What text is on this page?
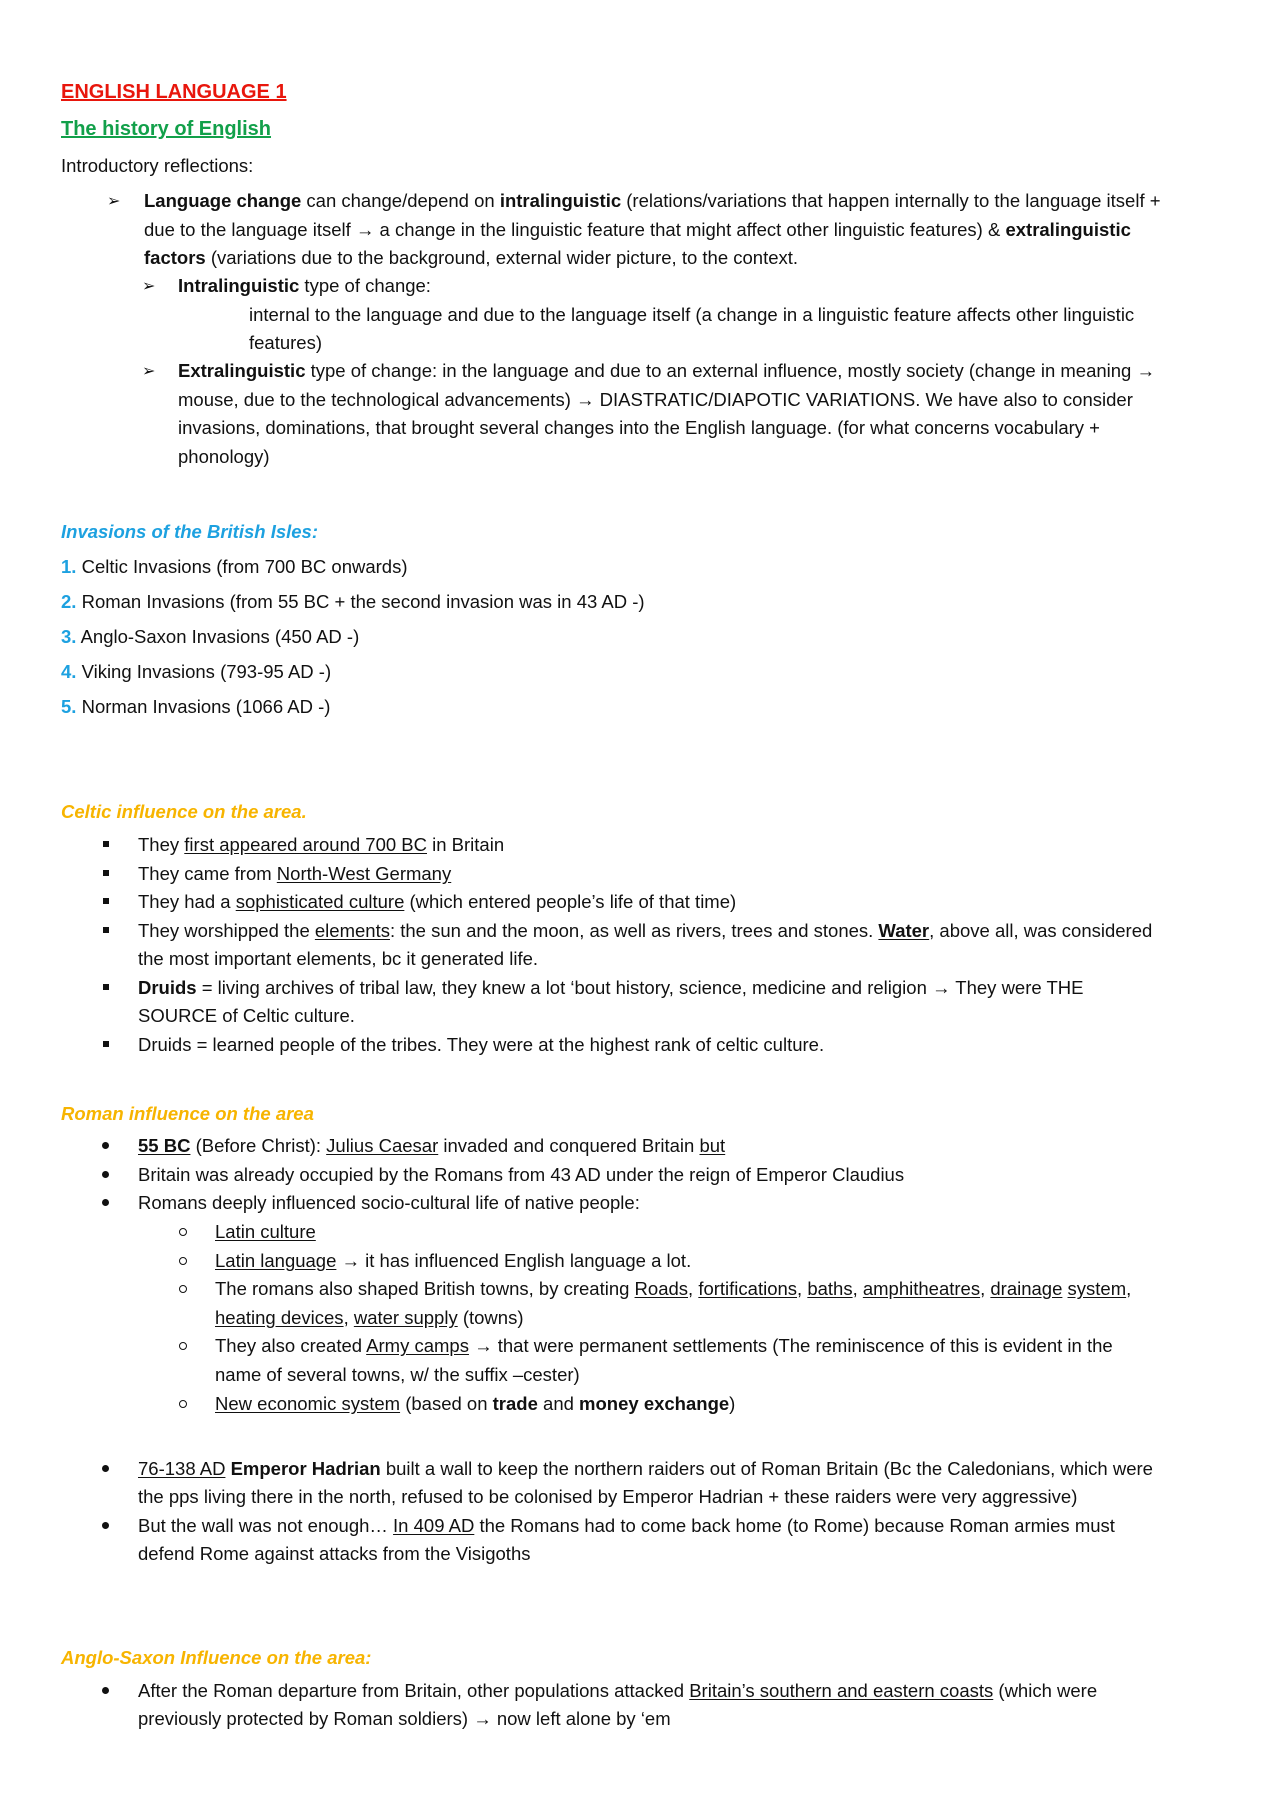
ENGLISH LANGUAGE 1
The history of English
Introductory reflections:
➢ Language change can change/depend on intralinguistic (relations/variations that happen internally to the language itself +
due to the language itself → a change in the linguistic feature that might affect other linguistic features) & extralinguistic
factors (variations due to the background, external wider picture, to the context.
➢ Intralinguistic type of change:
internal to the language and due to the language itself (a change in a linguistic feature affects other linguistic
features)
➢ Extralinguistic type of change: in the language and due to an external influence, mostly society (change in meaning →
mouse, due to the technological advancements) → DIASTRATIC/DIAPOTIC VARIATIONS. We have also to consider
invasions, dominations, that brought several changes into the English language. (for what concerns vocabulary +
phonology)
Invasions of the British Isles:
1. Celtic Invasions (from 700 BC onwards)
2. Roman Invasions (from 55 BC + the second invasion was in 43 AD -)
3. Anglo-Saxon Invasions (450 AD -)
4. Viking Invasions (793-95 AD -)
5. Norman Invasions (1066 AD -)
Celtic influence on the area.
They first appeared around 700 BC in Britain
They came from North-West Germany
They had a sophisticated culture (which entered people’s life of that time)
They worshipped the elements: the sun and the moon, as well as rivers, trees and stones. Water, above all, was considered
the most important elements, bc it generated life.
Druids = living archives of tribal law, they knew a lot ‘bout history, science, medicine and religion → They were THE
SOURCE of Celtic culture.
Druids = learned people of the tribes. They were at the highest rank of celtic culture.
Roman influence on the area
55 BC (Before Christ): Julius Caesar invaded and conquered Britain but
Britain was already occupied by the Romans from 43 AD under the reign of Emperor Claudius
Romans deeply influenced socio-cultural life of native people:
Latin culture
Latin language → it has influenced English language a lot.
The romans also shaped British towns, by creating Roads, fortifications, baths, amphitheatres, drainage system,
heating devices, water supply (towns)
They also created Army camps → that were permanent settlements (The reminiscence of this is evident in the
name of several towns, w/ the suffix –cester)
New economic system (based on trade and money exchange)
76-138 AD Emperor Hadrian built a wall to keep the northern raiders out of Roman Britain (Bc the Caledonians, which were
the pps living there in the north, refused to be colonised by Emperor Hadrian + these raiders were very aggressive)
But the wall was not enough… In 409 AD the Romans had to come back home (to Rome) because Roman armies must
defend Rome against attacks from the Visigoths
Anglo-Saxon Influence on the area:
After the Roman departure from Britain, other populations attacked Britain’s southern and eastern coasts (which were
previously protected by Roman soldiers) → now left alone by ‘em
